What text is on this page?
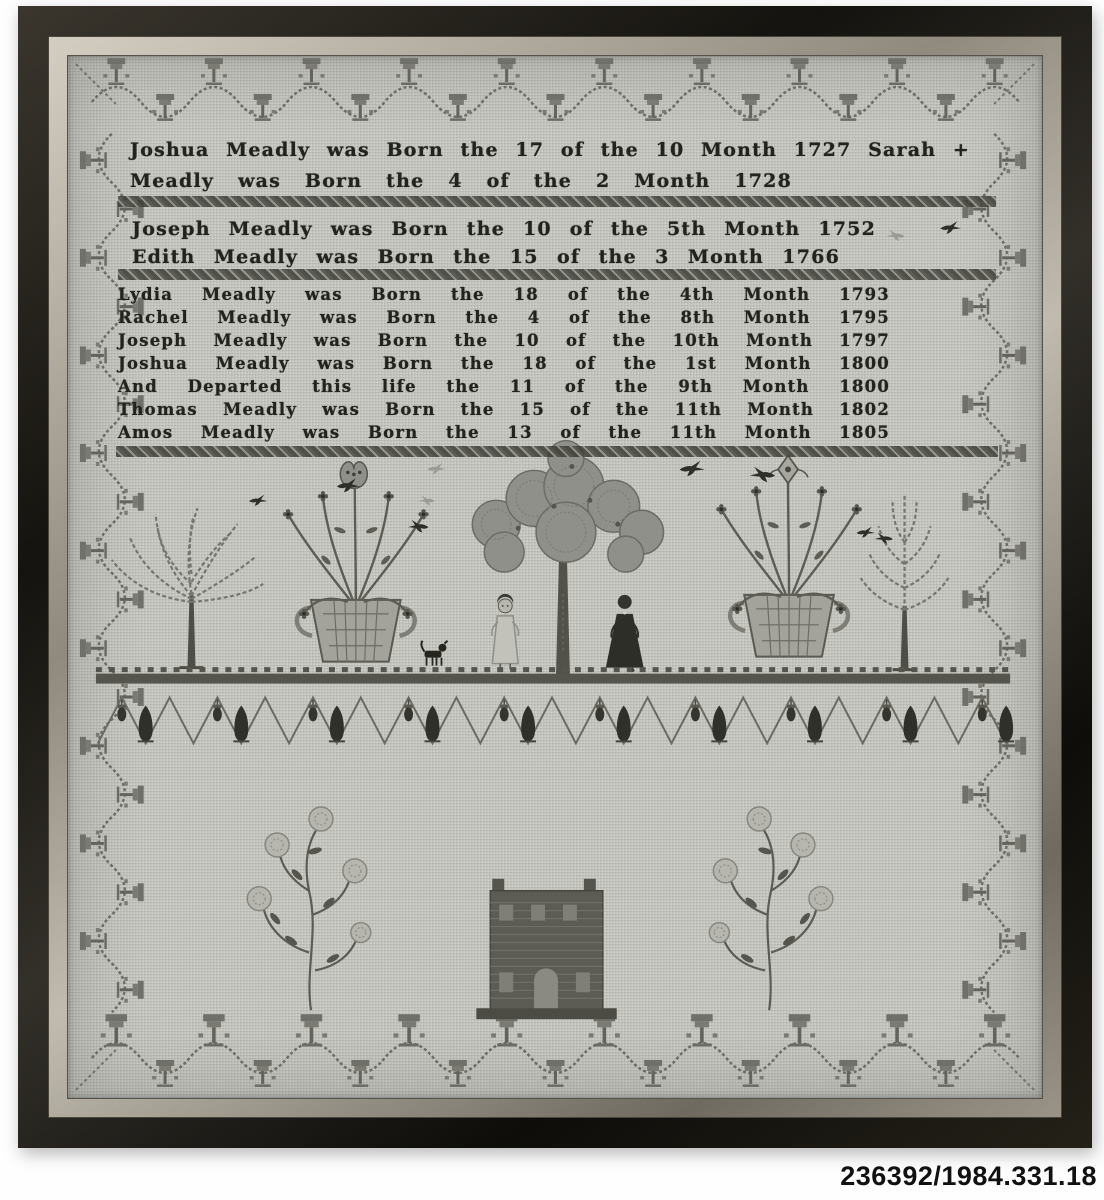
Joshua Meadly was Born the 17 of the 10 Month 1727 Sarah +
Meadly was Born the 4 of the 2 Month 1728
Joseph Meadly was Born the 10 of the 5th Month 1752
Edith Meadly was Born the 15 of the 3 Month 1766
Lydia Meadly was Born the 18 of the 4th Month 1793
Rachel Meadly was Born the 4 of the 8th Month 1795
Joseph Meadly was Born the 10 of the 10th Month 1797
Joshua Meadly was Born the 18 of the 1st Month 1800
And Departed this life the 11 of the 9th Month 1800
Thomas Meadly was Born the 15 of the 11th Month 1802
Amos Meadly was Born the 13 of the 11th Month 1805
236392/1984.331.18
